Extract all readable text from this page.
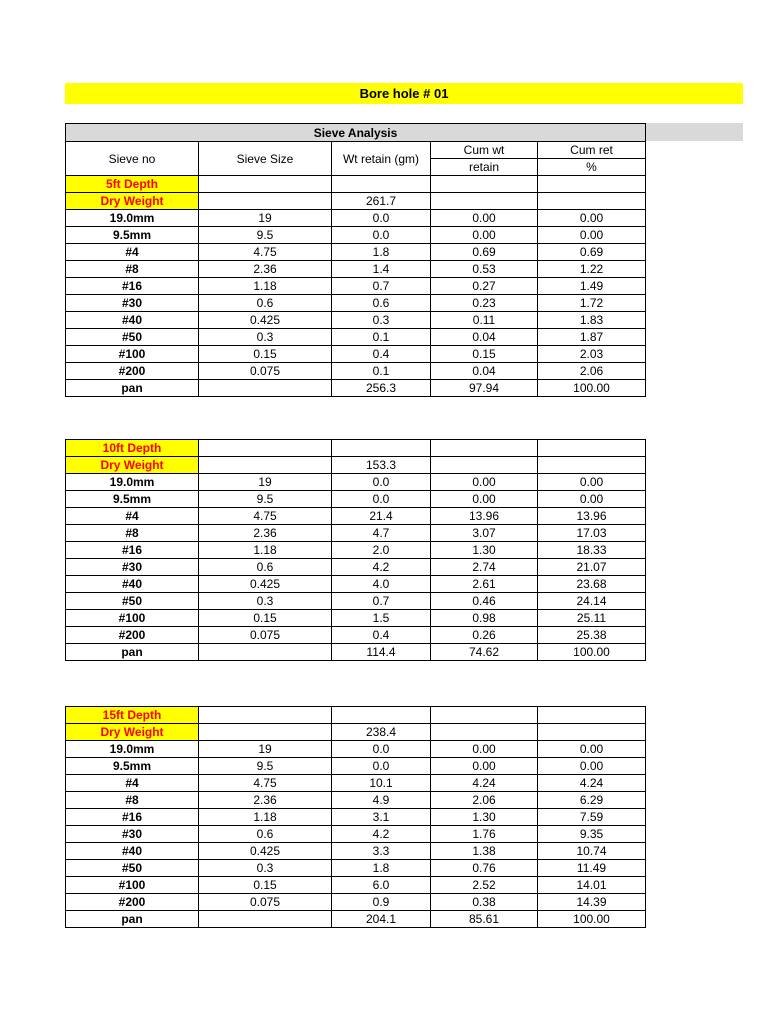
Bore hole # 01
Sieve Analysis				
Sieve no	Sieve Size	Wt retain (gm)	Cum wt	Cum ret
			retain	%
5ft Depth				
Dry Weight		261.7		
19.0mm	19	0.0	0.00	0.00
9.5mm	9.5	0.0	0.00	0.00
#4	4.75	1.8	0.69	0.69
#8	2.36	1.4	0.53	1.22
#16	1.18	0.7	0.27	1.49
#30	0.6	0.6	0.23	1.72
#40	0.425	0.3	0.11	1.83
#50	0.3	0.1	0.04	1.87
#100	0.15	0.4	0.15	2.03
#200	0.075	0.1	0.04	2.06
pan		256.3	97.94	100.00
10ft Depth				
Dry Weight		153.3		
19.0mm	19	0.0	0.00	0.00
9.5mm	9.5	0.0	0.00	0.00
#4	4.75	21.4	13.96	13.96
#8	2.36	4.7	3.07	17.03
#16	1.18	2.0	1.30	18.33
#30	0.6	4.2	2.74	21.07
#40	0.425	4.0	2.61	23.68
#50	0.3	0.7	0.46	24.14
#100	0.15	1.5	0.98	25.11
#200	0.075	0.4	0.26	25.38
pan		114.4	74.62	100.00
15ft Depth				
Dry Weight		238.4		
19.0mm	19	0.0	0.00	0.00
9.5mm	9.5	0.0	0.00	0.00
#4	4.75	10.1	4.24	4.24
#8	2.36	4.9	2.06	6.29
#16	1.18	3.1	1.30	7.59
#30	0.6	4.2	1.76	9.35
#40	0.425	3.3	1.38	10.74
#50	0.3	1.8	0.76	11.49
#100	0.15	6.0	2.52	14.01
#200	0.075	0.9	0.38	14.39
pan		204.1	85.61	100.00
